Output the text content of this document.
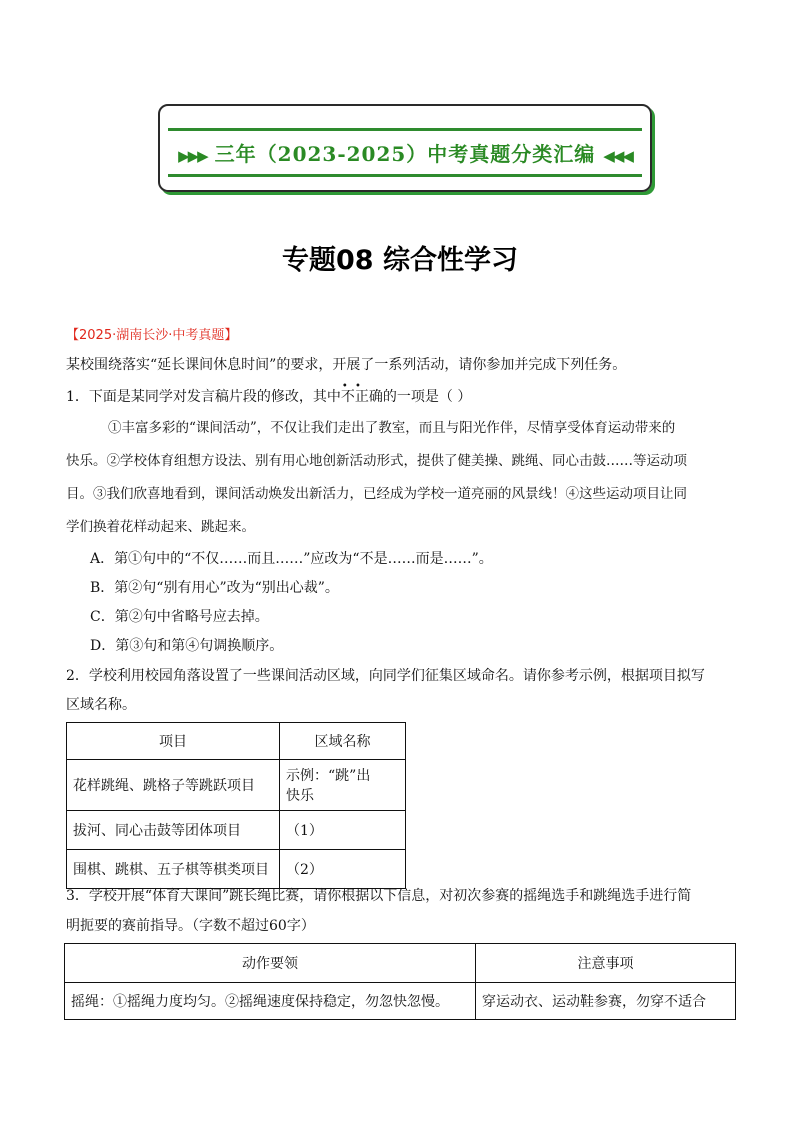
▶▶▶ 三年（2023-2025）中考真题分类汇编 ◀◀◀
专题08 综合性学习
【2025·湖南长沙·中考真题】
某校围绕落实“延长课间休息时间”的要求，开展了一系列活动，请你参加并完成下列任务。
1．下面是某同学对发言稿片段的修改，其中• • 不正确的一项是（ ）
①丰富多彩的“课间活动”，不仅让我们走出了教室，而且与阳光作伴，尽情享受体育运动带来的
快乐。②学校体育组想方设法、别有用心地创新活动形式，提供了健美操、跳绳、同心击鼓……等运动项
目。③我们欣喜地看到，课间活动焕发出新活力，已经成为学校一道亮丽的风景线！④这些运动项目让同
学们换着花样动起来、跳起来。
A．第①句中的“不仅……而且……”应改为“不是……而是……”。
B．第②句“别有用心”改为“别出心裁”。
C．第②句中省略号应去掉。
D．第③句和第④句调换顺序。
2．学校利用校园角落设置了一些课间活动区域，向同学们征集区域命名。请你参考示例，根据项目拟写
区域名称。
项目	区域名称
花样跳绳、跳格子等跳跃项目	示例：“跳”出
快乐

拔河、同心击鼓等团体项目	（1）
围棋、跳棋、五子棋等棋类项目	（2）
3．学校开展“体育大课间”跳长绳比赛，请你根据以下信息，对初次参赛的摇绳选手和跳绳选手进行简
明扼要的赛前指导。（字数不超过60字）
动作要领	注意事项
摇绳：①摇绳力度均匀。②摇绳速度保持稳定，勿忽快忽慢。	穿运动衣、运动鞋参赛，勿穿不适合
